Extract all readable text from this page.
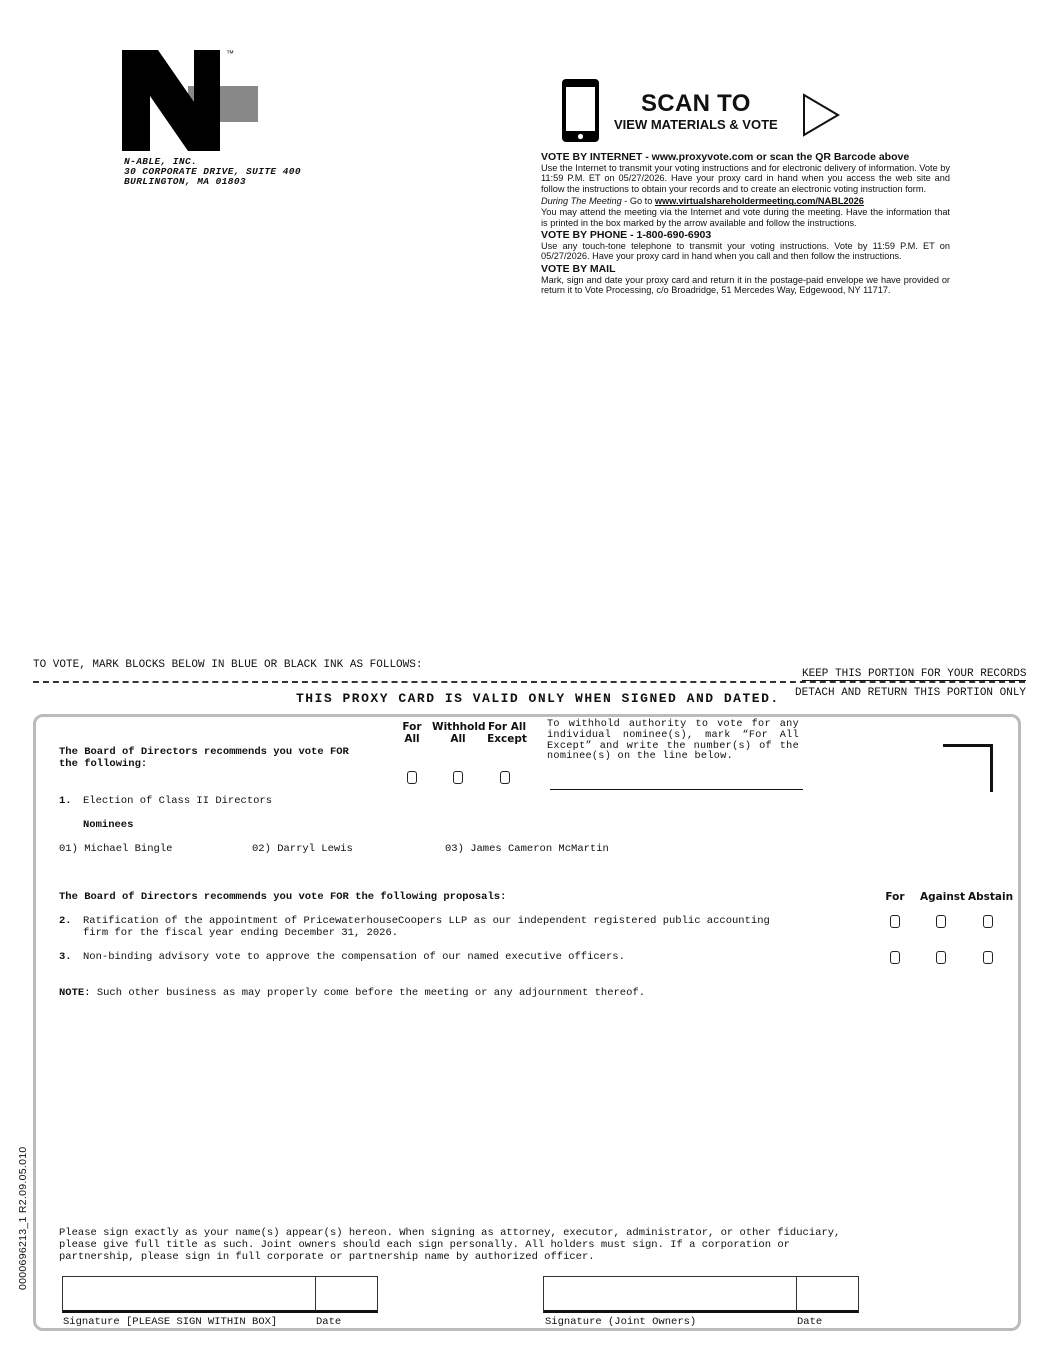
™
N-ABLE, INC.
30 CORPORATE DRIVE, SUITE 400
BURLINGTON, MA 01803
SCAN TO
VIEW MATERIALS & VOTE
VOTE BY INTERNET - www.proxyvote.com or scan the QR Barcode above

Use the Internet to transmit your voting instructions and for electronic delivery of information. Vote by 11:59 P.M. ET on 05/27/2026. Have your proxy card in hand when you access the web site and follow the instructions to obtain your records and to create an electronic voting instruction form.

During The Meeting - Go to www.virtualshareholdermeeting.com/NABL2026

You may attend the meeting via the Internet and vote during the meeting. Have the information that is printed in the box marked by the arrow available and follow the instructions.

VOTE BY PHONE - 1-800-690-6903

Use any touch-tone telephone to transmit your voting instructions. Vote by 11:59 P.M. ET on 05/27/2026. Have your proxy card in hand when you call and then follow the instructions.

VOTE BY MAIL

Mark, sign and date your proxy card and return it in the postage-paid envelope we have provided or return it to Vote Processing, c/o Broadridge, 51 Mercedes Way, Edgewood, NY 11717.

TO VOTE, MARK BLOCKS BELOW IN BLUE OR BLACK INK AS FOLLOWS:
KEEP THIS PORTION FOR YOUR RECORDS
DETACH AND RETURN THIS PORTION ONLY
THIS PROXY CARD IS VALID ONLY WHEN SIGNED AND DATED.
The Board of Directors recommends you vote FOR
the following:
For
All
Withhold
All
For All
Except
To withhold authority to vote for any individual nominee(s), mark “For All Except” and write the number(s) of the nominee(s) on the line below.
1. Election of Class II Directors
Nominees
01) Michael Bingle	02) Darryl Lewis	03) James Cameron McMartin
The Board of Directors recommends you vote FOR the following proposals:	For	Against Abstain
2. Ratification of the appointment of PricewaterhouseCoopers LLP as our independent registered public accounting
firm for the fiscal year ending December 31, 2026.
3. Non-binding advisory vote to approve the compensation of our named executive officers.
NOTE: Such other business as may properly come before the meeting or any adjournment thereof.
Please sign exactly as your name(s) appear(s) hereon. When signing as attorney, executor, administrator, or other fiduciary,
please give full title as such. Joint owners should each sign personally. All holders must sign. If a corporation or
partnership, please sign in full corporate or partnership name by authorized officer.
Signature [PLEASE SIGN WITHIN BOX]	Date	Signature (Joint Owners)	Date
0000696213_1 R2.09.05.010
